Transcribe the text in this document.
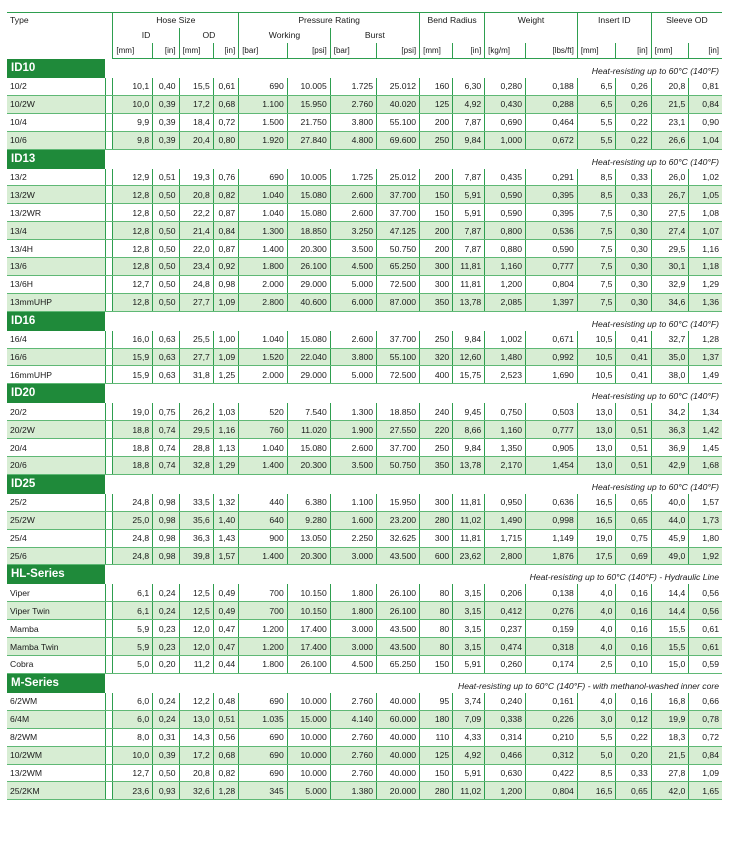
Type		Hose Size				Pressure Rating				Bend Radius		Weight		Insert ID		Sleeve OD	
		ID		OD		Working		Burst									
		[mm]	[in]	[mm]	[in]	[bar]	[psi]	[bar]	[psi]	[mm]	[in]	[kg/m]	[lbs/ft]	[mm]	[in]	[mm]	[in]
ID10	Heat-resisting up to 60°C (140°F)																
10/2		10,1	0,40	15,5	0,61	690	10.005	1.725	25.012	160	6,30	0,280	0,188	6,5	0,26	20,8	0,81
10/2W		10,0	0,39	17,2	0,68	1.100	15.950	2.760	40.020	125	4,92	0,430	0,288	6,5	0,26	21,5	0,84
10/4		9,9	0,39	18,4	0,72	1.500	21.750	3.800	55.100	200	7,87	0,690	0,464	5,5	0,22	23,1	0,90
10/6		9,8	0,39	20,4	0,80	1.920	27.840	4.800	69.600	250	9,84	1,000	0,672	5,5	0,22	26,6	1,04
ID13	Heat-resisting up to 60°C (140°F)																
13/2		12,9	0,51	19,3	0,76	690	10.005	1.725	25.012	200	7,87	0,435	0,291	8,5	0,33	26,0	1,02
13/2W		12,8	0,50	20,8	0,82	1.040	15.080	2.600	37.700	150	5,91	0,590	0,395	8,5	0,33	26,7	1,05
13/2WR		12,8	0,50	22,2	0,87	1.040	15.080	2.600	37.700	150	5,91	0,590	0,395	7,5	0,30	27,5	1,08
13/4		12,8	0,50	21,4	0,84	1.300	18.850	3.250	47.125	200	7,87	0,800	0,536	7,5	0,30	27,4	1,07
13/4H		12,8	0,50	22,0	0,87	1.400	20.300	3.500	50.750	200	7,87	0,880	0,590	7,5	0,30	29,5	1,16
13/6		12,8	0,50	23,4	0,92	1.800	26.100	4.500	65.250	300	11,81	1,160	0,777	7,5	0,30	30,1	1,18
13/6H		12,7	0,50	24,8	0,98	2.000	29.000	5.000	72.500	300	11,81	1,200	0,804	7,5	0,30	32,9	1,29
13mmUHP		12,8	0,50	27,7	1,09	2.800	40.600	6.000	87.000	350	13,78	2,085	1,397	7,5	0,30	34,6	1,36
ID16	Heat-resisting up to 60°C (140°F)																
16/4		16,0	0,63	25,5	1,00	1.040	15.080	2.600	37.700	250	9,84	1,002	0,671	10,5	0,41	32,7	1,28
16/6		15,9	0,63	27,7	1,09	1.520	22.040	3.800	55.100	320	12,60	1,480	0,992	10,5	0,41	35,0	1,37
16mmUHP		15,9	0,63	31,8	1,25	2.000	29.000	5.000	72.500	400	15,75	2,523	1,690	10,5	0,41	38,0	1,49
ID20	Heat-resisting up to 60°C (140°F)																
20/2		19,0	0,75	26,2	1,03	520	7.540	1.300	18.850	240	9,45	0,750	0,503	13,0	0,51	34,2	1,34
20/2W		18,8	0,74	29,5	1,16	760	11.020	1.900	27.550	220	8,66	1,160	0,777	13,0	0,51	36,3	1,42
20/4		18,8	0,74	28,8	1,13	1.040	15.080	2.600	37.700	250	9,84	1,350	0,905	13,0	0,51	36,9	1,45
20/6		18,8	0,74	32,8	1,29	1.400	20.300	3.500	50.750	350	13,78	2,170	1,454	13,0	0,51	42,9	1,68
ID25	Heat-resisting up to 60°C (140°F)																
25/2		24,8	0,98	33,5	1,32	440	6.380	1.100	15.950	300	11,81	0,950	0,636	16,5	0,65	40,0	1,57
25/2W		25,0	0,98	35,6	1,40	640	9.280	1.600	23.200	280	11,02	1,490	0,998	16,5	0,65	44,0	1,73
25/4		24,8	0,98	36,3	1,43	900	13.050	2.250	32.625	300	11,81	1,715	1,149	19,0	0,75	45,9	1,80
25/6		24,8	0,98	39,8	1,57	1.400	20.300	3.000	43.500	600	23,62	2,800	1,876	17,5	0,69	49,0	1,92
HL-Series	Heat-resisting up to 60°C (140°F) - Hydraulic Line																
Viper		6,1	0,24	12,5	0,49	700	10.150	1.800	26.100	80	3,15	0,206	0,138	4,0	0,16	14,4	0,56
Viper Twin		6,1	0,24	12,5	0,49	700	10.150	1.800	26.100	80	3,15	0,412	0,276	4,0	0,16	14,4	0,56
Mamba		5,9	0,23	12,0	0,47	1.200	17.400	3.000	43.500	80	3,15	0,237	0,159	4,0	0,16	15,5	0,61
Mamba Twin		5,9	0,23	12,0	0,47	1.200	17.400	3.000	43.500	80	3,15	0,474	0,318	4,0	0,16	15,5	0,61
Cobra		5,0	0,20	11,2	0,44	1.800	26.100	4.500	65.250	150	5,91	0,260	0,174	2,5	0,10	15,0	0,59
M-Series	Heat-resisting up to 60°C (140°F) - with methanol-washed inner core																
6/2WM		6,0	0,24	12,2	0,48	690	10.000	2.760	40.000	95	3,74	0,240	0,161	4,0	0,16	16,8	0,66
6/4M		6,0	0,24	13,0	0,51	1.035	15.000	4.140	60.000	180	7,09	0,338	0,226	3,0	0,12	19,9	0,78
8/2WM		8,0	0,31	14,3	0,56	690	10.000	2.760	40.000	110	4,33	0,314	0,210	5,5	0,22	18,3	0,72
10/2WM		10,0	0,39	17,2	0,68	690	10.000	2.760	40.000	125	4,92	0,466	0,312	5,0	0,20	21,5	0,84
13/2WM		12,7	0,50	20,8	0,82	690	10.000	2.760	40.000	150	5,91	0,630	0,422	8,5	0,33	27,8	1,09
25/2KM		23,6	0,93	32,6	1,28	345	5.000	1.380	20.000	280	11,02	1,200	0,804	16,5	0,65	42,0	1,65
